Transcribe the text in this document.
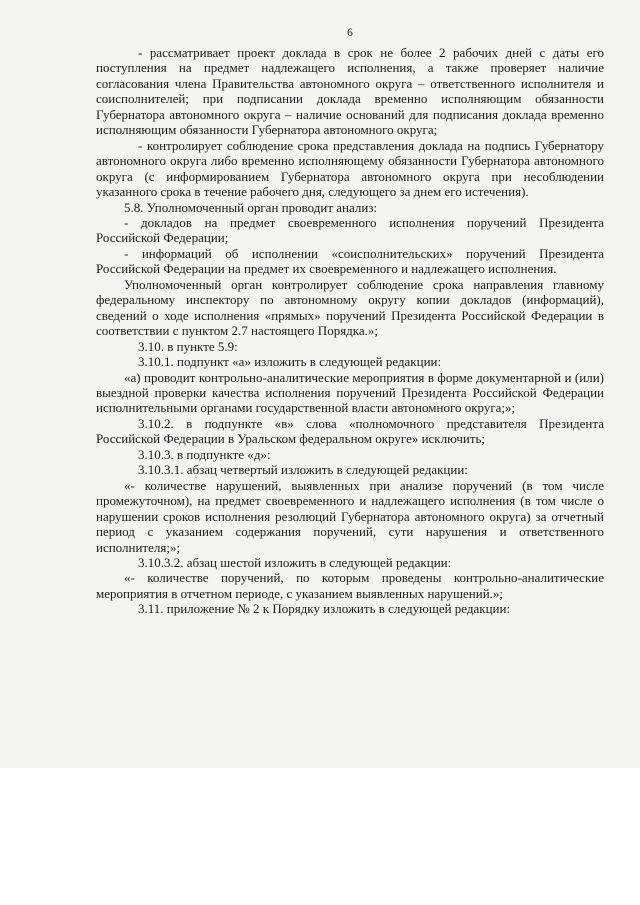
6

- рассматривает проект доклада в срок не более 2 рабочих дней с даты его поступления на предмет надлежащего исполнения, а также проверяет наличие согласования члена Правительства автономного округа – ответственного исполнителя и соисполнителей; при подписании доклада временно исполняющим обязанности Губернатора автономного округа – наличие оснований для подписания доклада временно исполняющим обязанности Губернатора автономного округа;

- контролирует соблюдение срока представления доклада на подпись Губернатору автономного округа либо временно исполняющему обязанности Губернатора автономного округа (с информированием Губернатора автономного округа при несоблюдении указанного срока в течение рабочего дня, следующего за днем его истечения).

5.8. Уполномоченный орган проводит анализ:

- докладов на предмет своевременного исполнения поручений Президента Российской Федерации;

- информаций об исполнении «соисполнительских» поручений Президента Российской Федерации на предмет их своевременного и надлежащего исполнения.

Уполномоченный орган контролирует соблюдение срока направления главному федеральному инспектору по автономному округу копии докладов (информаций), сведений о ходе исполнения «прямых» поручений Президента Российской Федерации в соответствии с пунктом 2.7 настоящего Порядка.»;

3.10. в пункте 5.9:

3.10.1. подпункт «а» изложить в следующей редакции:

«а) проводит контрольно-аналитические мероприятия в форме документарной и (или) выездной проверки качества исполнения поручений Президента Российской Федерации исполнительными органами государственной власти автономного округа;»;

3.10.2. в подпункте «в» слова «полномочного представителя Президента Российской Федерации в Уральском федеральном округе» исключить;

3.10.3. в подпункте «д»:

3.10.3.1. абзац четвертый изложить в следующей редакции:

«- количестве нарушений, выявленных при анализе поручений (в том числе промежуточном), на предмет своевременного и надлежащего исполнения (в том числе о нарушении сроков исполнения резолюций Губернатора автономного округа) за отчетный период с указанием содержания поручений, сути нарушения и ответственного исполнителя;»;

3.10.3.2. абзац шестой изложить в следующей редакции:

«- количестве поручений, по которым проведены контрольно-аналитические мероприятия в отчетном периоде, с указанием выявленных нарушений.»;

3.11. приложение № 2 к Порядку изложить в следующей редакции:
